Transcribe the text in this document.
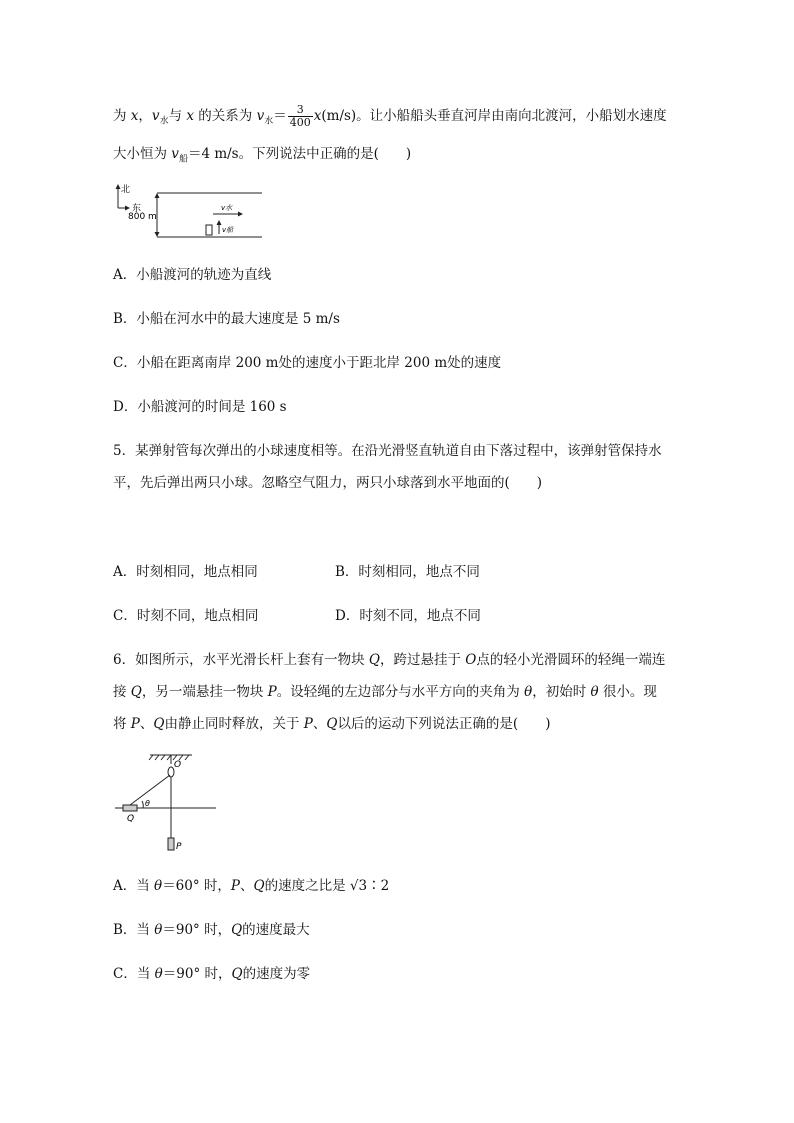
为 x，$v_水$与 x 的关系为 $v_水= \frac{3}{400} x(m/s)$。让小船船头垂直河岸由南向北渡河，小船划水速度
大小恒为 $v_船=4$ m/s。下列说法中正确的是(　　)
北
东
800 m
v水
v船
A．小船渡河的轨迹为直线
B．小船在河水中的最大速度是 5 m/s
C．小船在距离南岸 200 m处的速度小于距北岸 200 m处的速度
D．小船渡河的时间是 160 s
5．某弹射管每次弹出的小球速度相等。在沿光滑竖直轨道自由下落过程中，该弹射管保持水
平，先后弹出两只小球。忽略空气阻力，两只小球落到水平地面的(　　)
A．时刻相同，地点相同	B．时刻相同，地点不同
C．时刻不同，地点相同	D．时刻不同，地点不同
6．如图所示，水平光滑长杆上套有一物块 Q，跨过悬挂于 O点的轻小光滑圆环的轻绳一端连
接 Q，另一端悬挂一物块 P。设轻绳的左边部分与水平方向的夹角为 θ，初始时 θ 很小。现
将 P、Q由静止同时释放，关于 P、Q以后的运动下列说法正确的是(　　)
O
θ
Q
P
A．当 θ＝60° 时，P、Q的速度之比是 √3∶2
B．当 θ＝90° 时，Q的速度最大
C．当 θ＝90° 时，Q的速度为零
